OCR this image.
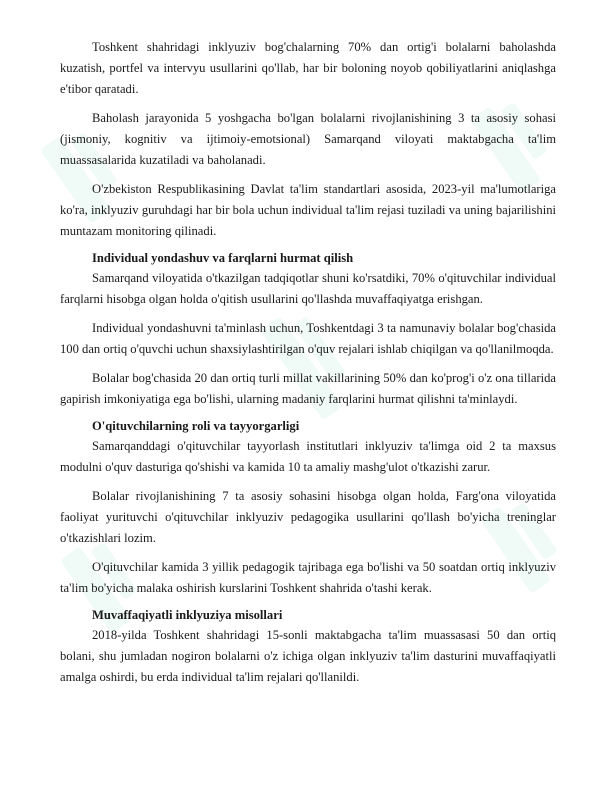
Toshkent shahridagi inklyuziv bog'chalarning 70% dan ortig'i bolalarni baholashda kuzatish, portfel va intervyu usullarini qo'llab, har bir boloning noyob qobiliyatlarini aniqlashga e'tibor qaratadi.

Baholash jarayonida 5 yoshgacha bo'lgan bolalarni rivojlanishining 3 ta asosiy sohasi (jismoniy, kognitiv va ijtimoiy-emotsional) Samarqand viloyati maktabgacha ta'lim muassasalarida kuzatiladi va baholanadi.

O'zbekiston Respublikasining Davlat ta'lim standartlari asosida, 2023-yil ma'lumotlariga ko'ra, inklyuziv guruhdagi har bir bola uchun individual ta'lim rejasi tuziladi va uning bajarilishini muntazam monitoring qilinadi.

Individual yondashuv va farqlarni hurmat qilish

Samarqand viloyatida o'tkazilgan tadqiqotlar shuni ko'rsatdiki, 70% o'qituvchilar individual farqlarni hisobga olgan holda o'qitish usullarini qo'llashda muvaffaqiyatga erishgan.

Individual yondashuvni ta'minlash uchun, Toshkentdagi 3 ta namunaviy bolalar bog'chasida 100 dan ortiq o'quvchi uchun shaxsiylashtirilgan o'quv rejalari ishlab chiqilgan va qo'llanilmoqda.

Bolalar bog'chasida 20 dan ortiq turli millat vakillarining 50% dan ko'prog'i o'z ona tillarida gapirish imkoniyatiga ega bo'lishi, ularning madaniy farqlarini hurmat qilishni ta'minlaydi.

O'qituvchilarning roli va tayyorgarligi

Samarqanddagi o'qituvchilar tayyorlash institutlari inklyuziv ta'limga oid 2 ta maxsus modulni o'quv dasturiga qo'shishi va kamida 10 ta amaliy mashg'ulot o'tkazishi zarur.

Bolalar rivojlanishining 7 ta asosiy sohasini hisobga olgan holda, Farg'ona viloyatida faoliyat yurituvchi o'qituvchilar inklyuziv pedagogika usullarini qo'llash bo'yicha treninglar o'tkazishlari lozim.

O'qituvchilar kamida 3 yillik pedagogik tajribaga ega bo'lishi va 50 soatdan ortiq inklyuziv ta'lim bo'yicha malaka oshirish kurslarini Toshkent shahrida o'tashi kerak.

Muvaffaqiyatli inklyuziya misollari

2018-yilda Toshkent shahridagi 15-sonli maktabgacha ta'lim muassasasi 50 dan ortiq bolani, shu jumladan nogiron bolalarni o'z ichiga olgan inklyuziv ta'lim dasturini muvaffaqiyatli amalga oshirdi, bu erda individual ta'lim rejalari qo'llanildi.
